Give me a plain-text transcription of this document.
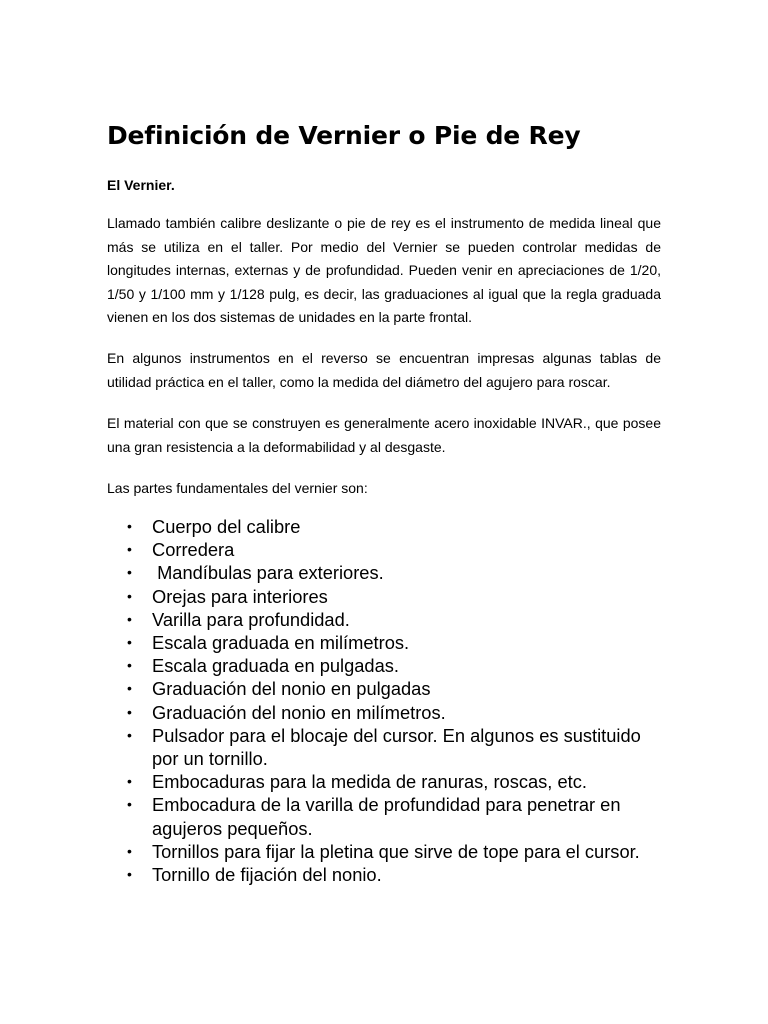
Definición de Vernier o Pie de Rey

El Vernier.

Llamado también calibre deslizante o pie de rey es el instrumento de medida lineal que más se utiliza en el taller. Por medio del Vernier se pueden controlar medidas de longitudes internas, externas y de profundidad. Pueden venir en apreciaciones de 1/20, 1/50 y 1/100 mm y 1/128 pulg, es decir, las graduaciones al igual que la regla graduada vienen en los dos sistemas de unidades en la parte frontal.

En algunos instrumentos en el reverso se encuentran impresas algunas tablas de utilidad práctica en el taller, como la medida del diámetro del agujero para roscar.

El material con que se construyen es generalmente acero inoxidable INVAR., que posee una gran resistencia a la deformabilidad y al desgaste.

Las partes fundamentales del vernier son:

• Cuerpo del calibre
• Corredera
•  Mandíbulas para exteriores.
• Orejas para interiores
• Varilla para profundidad.
• Escala graduada en milímetros.
• Escala graduada en pulgadas.
• Graduación del nonio en pulgadas
• Graduación del nonio en milímetros.
• Pulsador para el blocaje del cursor. En algunos es sustituido por un tornillo.
• Embocaduras para la medida de ranuras, roscas, etc.
• Embocadura de la varilla de profundidad para penetrar en agujeros pequeños.
• Tornillos para fijar la pletina que sirve de tope para el cursor.
• Tornillo de fijación del nonio.
